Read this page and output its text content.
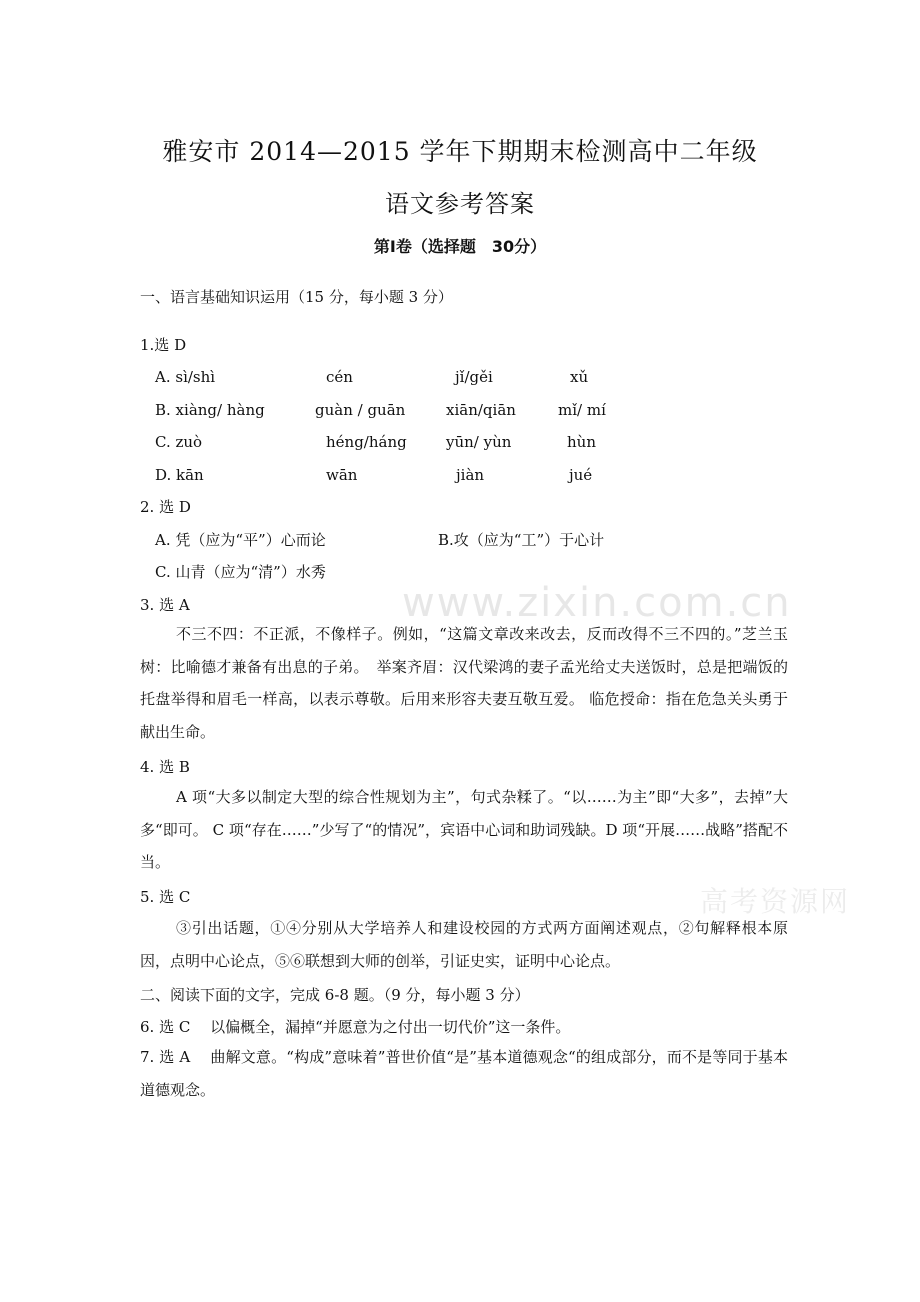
雅安市 2014—2015 学年下期期末检测高中二年级
语文参考答案
第Ⅰ卷（选择题　30分）
一、语言基础知识运用（15 分，每小题 3 分）
1.选 D
A. sì/shì	cén	jǐ/gěi	xǔ
B. xiàng/ hàng	guàn / guān	xiān/qiān	mǐ/ mí
C. zuò	héng/háng	yūn/ yùn	hùn
D. kān	wān	jiàn	jué
2. 选 D
A. 凭（应为“平”）心而论	B.攻（应为“工”）于心计
C. 山青（应为“清”）水秀
3. 选 A
不三不四：不正派，不像样子。例如，“这篇文章改来改去，反而改得不三不四的。”芝兰玉树：比喻德才兼备有出息的子弟。　举案齐眉：汉代梁鸿的妻子孟光给丈夫送饭时，总是把端饭的托盘举得和眉毛一样高，以表示尊敬。后用来形容夫妻互敬互爱。 临危授命：指在危急关头勇于献出生命。
4. 选 B
A 项“大多以制定大型的综合性规划为主”，句式杂糅了。“以……为主”即“大多”，去掉”大多“即可。 C 项“存在……”少写了“的情况”，宾语中心词和助词残缺。D 项“开展……战略”搭配不当。
5. 选 C
③引出话题，①④分别从大学培养人和建设校园的方式两方面阐述观点，②句解释根本原因，点明中心论点，⑤⑥联想到大师的创举，引证史实，证明中心论点。
二、阅读下面的文字，完成 6-8 题。（9 分，每小题 3 分）
6. 选 C　 以偏概全，漏掉“并愿意为之付出一切代价”这一条件。
7. 选 A　 曲解文意。“构成”意味着”普世价值“是”基本道德观念“的组成部分，而不是等同于基本道德观念。
www.zixin.com.cn
高考资源网
